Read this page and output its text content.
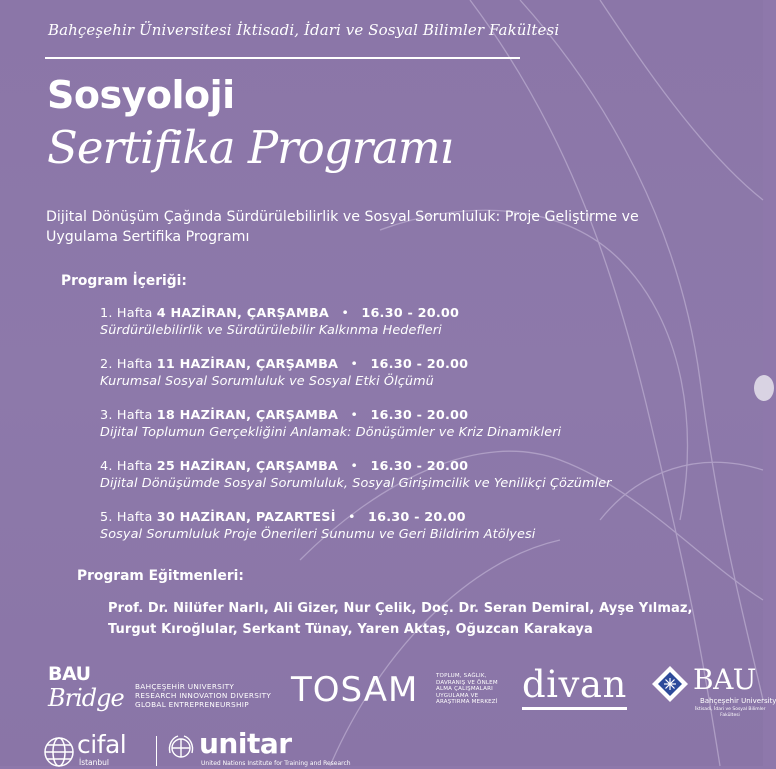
Bahçeşehir Üniversitesi İktisadi, İdari ve Sosyal Bilimler Fakültesi
Sosyoloji
Sertifika Programı
Dijital Dönüşüm Çağında Sürdürülebilirlik ve Sosyal Sorumluluk: Proje Geliştirme ve Uygulama Sertifika Programı
Program İçeriği:
1. Hafta 4 HAZİRAN, ÇARŞAMBA • 16.30 - 20.00
Sürdürülebilirlik ve Sürdürülebilir Kalkınma Hedefleri
2. Hafta 11 HAZİRAN, ÇARŞAMBA • 16.30 - 20.00
Kurumsal Sosyal Sorumluluk ve Sosyal Etki Ölçümü
3. Hafta 18 HAZİRAN, ÇARŞAMBA • 16.30 - 20.00
Dijital Toplumun Gerçekliğini Anlamak: Dönüşümler ve Kriz Dinamikleri
4. Hafta 25 HAZİRAN, ÇARŞAMBA • 16.30 - 20.00
Dijital Dönüşümde Sosyal Sorumluluk, Sosyal Girişimcilik ve Yenilikçi Çözümler
5. Hafta 30 HAZİRAN, PAZARTESİ • 16.30 - 20.00
Sosyal Sorumluluk Proje Önerileri Sunumu ve Geri Bildirim Atölyesi
Program Eğitmenleri:
Prof. Dr. Nilüfer Narlı, Ali Gizer, Nur Çelik, Doç. Dr. Seran Demiral, Ayşe Yılmaz,
Turgut Kıroğlular, Serkant Tünay, Yaren Aktaş, Oğuzcan Karakaya
BAU
Bridge BAHÇEŞEHİR UNIVERSITY
RESEARCH INNOVATION DIVERSITY
GLOBAL ENTREPRENEURSHIP	TOSAM	TOPLUM, SAĞLIK,
DAVRANIŞ VE ÖNLEM
ALMA ÇALIŞMALARI
UYGULAMA VE
ARAŞTIRMA MERKEZİ divan BAU
Bahçeşehir University
İktisadi, İdari ve Sosyal Bilimler
Fakültesi
cifal
İstanbul
unitar
United Nations Institute for Training and Research
